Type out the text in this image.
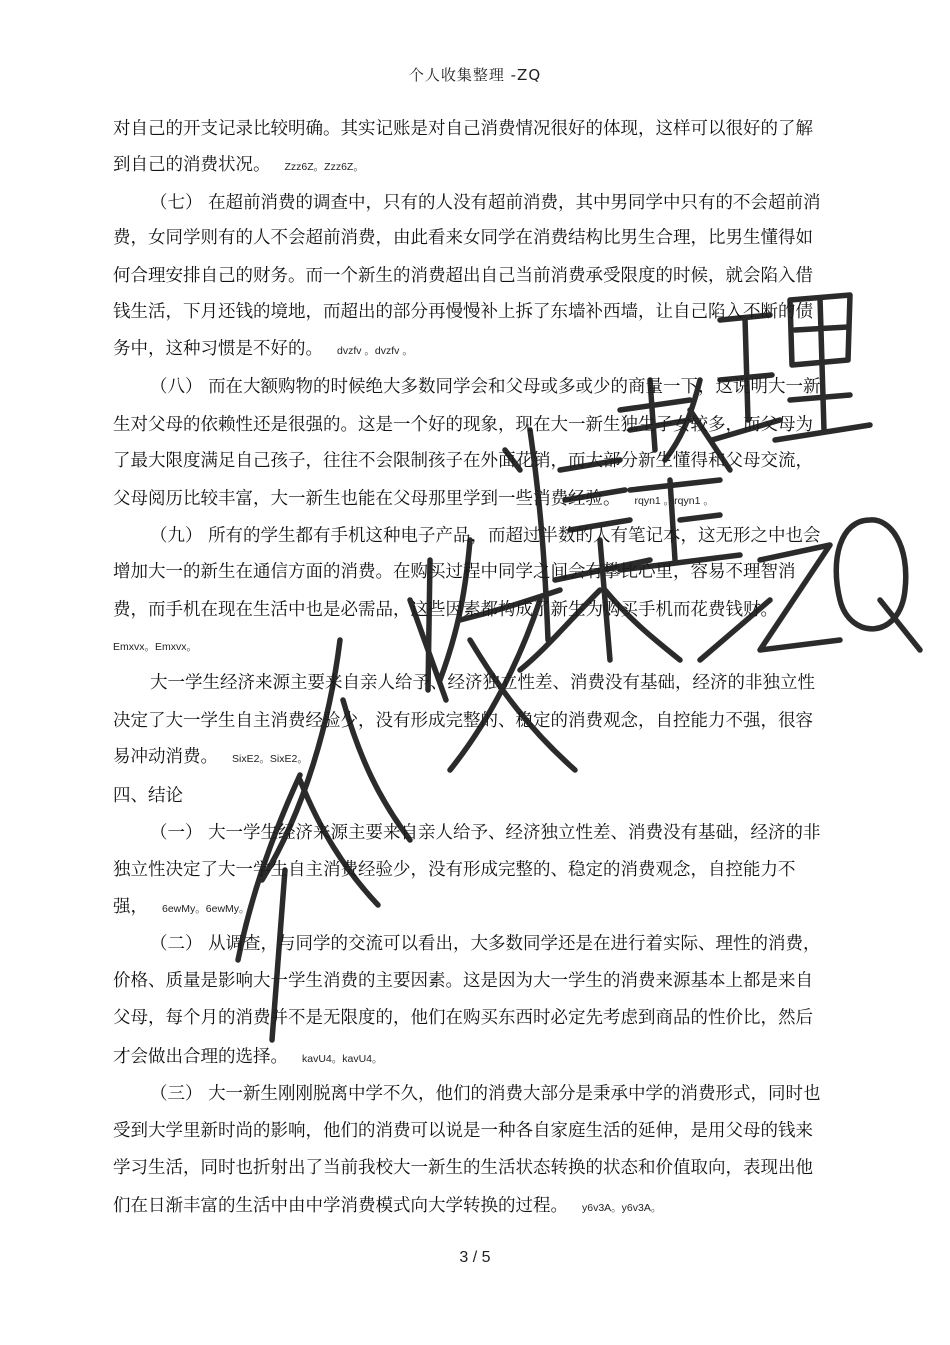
个人收集整理 -ZQ
对自己的开支记录比较明确。其实记账是对自己消费情况很好的体现，这样可以很好的了解
到自己的消费状况。 Zzz6Z。Zzz6Z。
（七） 在超前消费的调查中，只有的人没有超前消费，其中男同学中只有的不会超前消
费，女同学则有的人不会超前消费，由此看来女同学在消费结构比男生合理，比男生懂得如
何合理安排自己的财务。而一个新生的消费超出自己当前消费承受限度的时候，就会陷入借
钱生活，下月还钱的境地，而超出的部分再慢慢补上拆了东墙补西墙，让自己陷入不断的债
务中，这种习惯是不好的。 dvzfv 。dvzfv 。
（八） 而在大额购物的时候绝大多数同学会和父母或多或少的商量一下，这说明大一新
生对父母的依赖性还是很强的。这是一个好的现象，现在大一新生独生子女较多，而父母为
了最大限度满足自己孩子，往往不会限制孩子在外面花销，而大部分新生懂得和父母交流，
父母阅历比较丰富，大一新生也能在父母那里学到一些消费经验。 rqyn1 。rqyn1 。
（九） 所有的学生都有手机这种电子产品，而超过半数的人有笔记本，这无形之中也会
增加大一的新生在通信方面的消费。在购买过程中同学之间会有攀比心里，容易不理智消
费，而手机在现在生活中也是必需品，这些因素都构成了新生为购买手机而花费钱财。
Emxvx。Emxvx。
大一学生经济来源主要来自亲人给予、经济独立性差、消费没有基础，经济的非独立性
决定了大一学生自主消费经验少，没有形成完整的、稳定的消费观念，自控能力不强，很容
易冲动消费。 SixE2。SixE2。
四、结论
（一） 大一学生经济来源主要来自亲人给予、经济独立性差、消费没有基础，经济的非
独立性决定了大一学生自主消费经验少，没有形成完整的、稳定的消费观念，自控能力不
强， 6ewMy。6ewMy。
（二） 从调查，与同学的交流可以看出，大多数同学还是在进行着实际、理性的消费，
价格、质量是影响大一学生消费的主要因素。这是因为大一学生的消费来源基本上都是来自
父母，每个月的消费并不是无限度的，他们在购买东西时必定先考虑到商品的性价比，然后
才会做出合理的选择。 kavU4。kavU4。
（三） 大一新生刚刚脱离中学不久，他们的消费大部分是秉承中学的消费形式，同时也
受到大学里新时尚的影响，他们的消费可以说是一种各自家庭生活的延伸，是用父母的钱来
学习生活，同时也折射出了当前我校大一新生的生活状态转换的状态和价值取向，表现出他
们在日渐丰富的生活中由中学消费模式向大学转换的过程。 y6v3A。y6v3A。
3 / 5
